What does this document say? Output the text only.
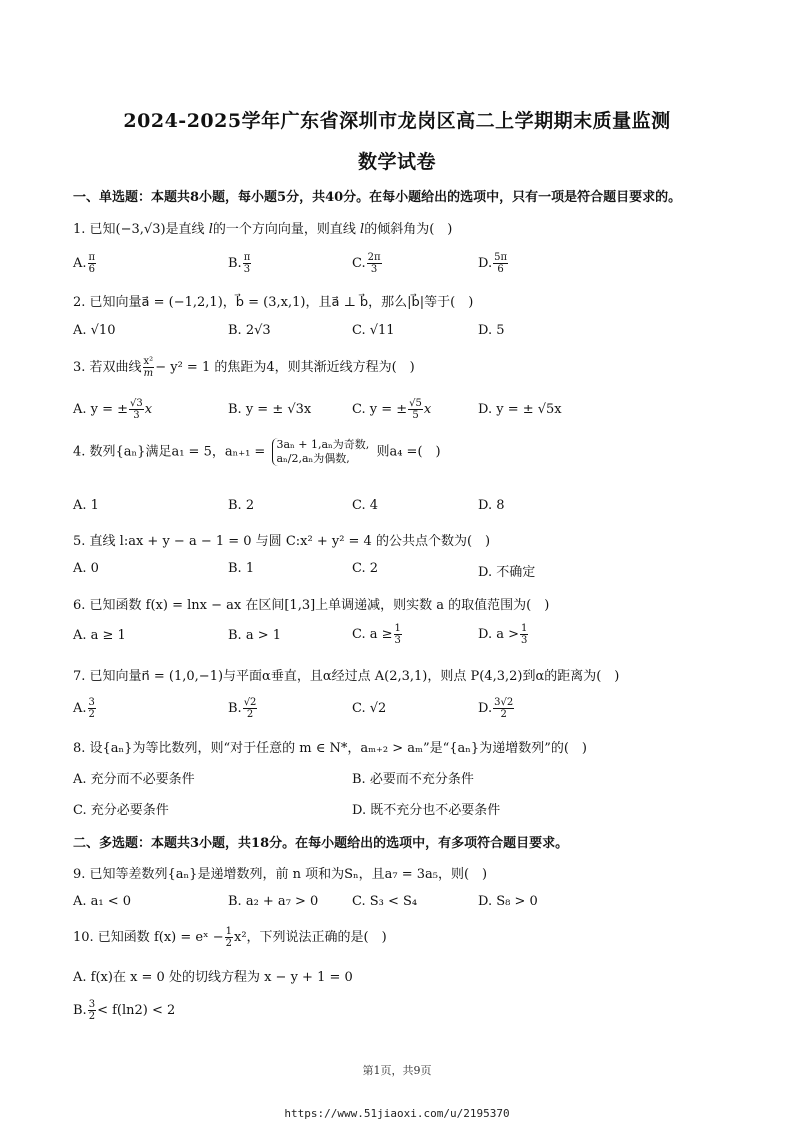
2024-2025学年广东省深圳市龙岗区高二上学期期末质量监测
数学试卷
一、单选题：本题共8小题，每小题5分，共40分。在每小题给出的选项中，只有一项是符合题目要求的。
1. 已知(−3,√3)是直线 l的一个方向向量，则直线 l的倾斜角为(　)
A. $\frac{\pi}{6}$	B. $\frac{\pi}{3}$	C. $\frac{2\pi}{3}$	D. $\frac{5\pi}{6}$
2. 已知向量a⃗ = (−1,2,1)，b⃗ = (3,x,1)，且a⃗ ⊥ b⃗，那么|b⃗|等于(　)
A. √10	B. 2√3	C. √11	D. 5
3. 若双曲线 $\frac{\text{x²}}{m} - y^2 = 1$ 的焦距为4，则其渐近线方程为(　)
A. y = ± $\frac{√3}{3}$ x	B. y = ± √3x	C. y = ± $\frac{√5}{5}$ x	D. y = ± √5x
4. 数列{aₙ}满足a₁ = 5，aₙ₊₁ = 3aₙ + 1,aₙ为奇数,
aₙ/2,aₙ为偶数,	则a₄ =(　)
A. 1	B. 2	C. 4	D. 8
5. 直线 l:ax + y − a − 1 = 0 与圆 C:x² + y² = 4 的公共点个数为(　)
A. 0	B. 1	C. 2	D. 不确定
6. 已知函数 f(x) = lnx − ax 在区间[1,3]上单调递减，则实数 a 的取值范围为(　)
A. a ≥ 1	B. a > 1	C. $a \ge \frac{1}{3}$	D. $a > \frac{1}{3}$
7. 已知向量n⃗ = (1,0,−1)与平面α垂直，且α经过点 A(2,3,1)，则点 P(4,3,2)到α的距离为(　)
A. $\frac{3}{2}$	B. $\frac{√2}{2}$	C. √2	D. $\frac{3√2}{2}$
8. 设{aₙ}为等比数列，则“对于任意的 m ∈ N*，aₘ₊₂ > aₘ”是“{aₙ}为递增数列”的(　)
A. 充分而不必要条件	B. 必要而不充分条件
C. 充分必要条件	D. 既不充分也不必要条件
二、多选题：本题共3小题，共18分。在每小题给出的选项中，有多项符合题目要求。
9. 已知等差数列{aₙ}是递增数列，前 n 项和为Sₙ，且a₇ = 3a₅，则(　)
A. a₁ < 0	B. a₂ + a₇ > 0	C. S₃ < S₄	D. S₈ > 0
10. 已知函数 f(x) = eˣ − $\frac{1}{2} x^2$，下列说法正确的是(　)
A. f(x)在 x = 0 处的切线方程为 x − y + 1 = 0
B. $\frac{3}{2} < f(\ln 2) < 2$
第1页，共9页
https://www.51jiaoxi.com/u/2195370
